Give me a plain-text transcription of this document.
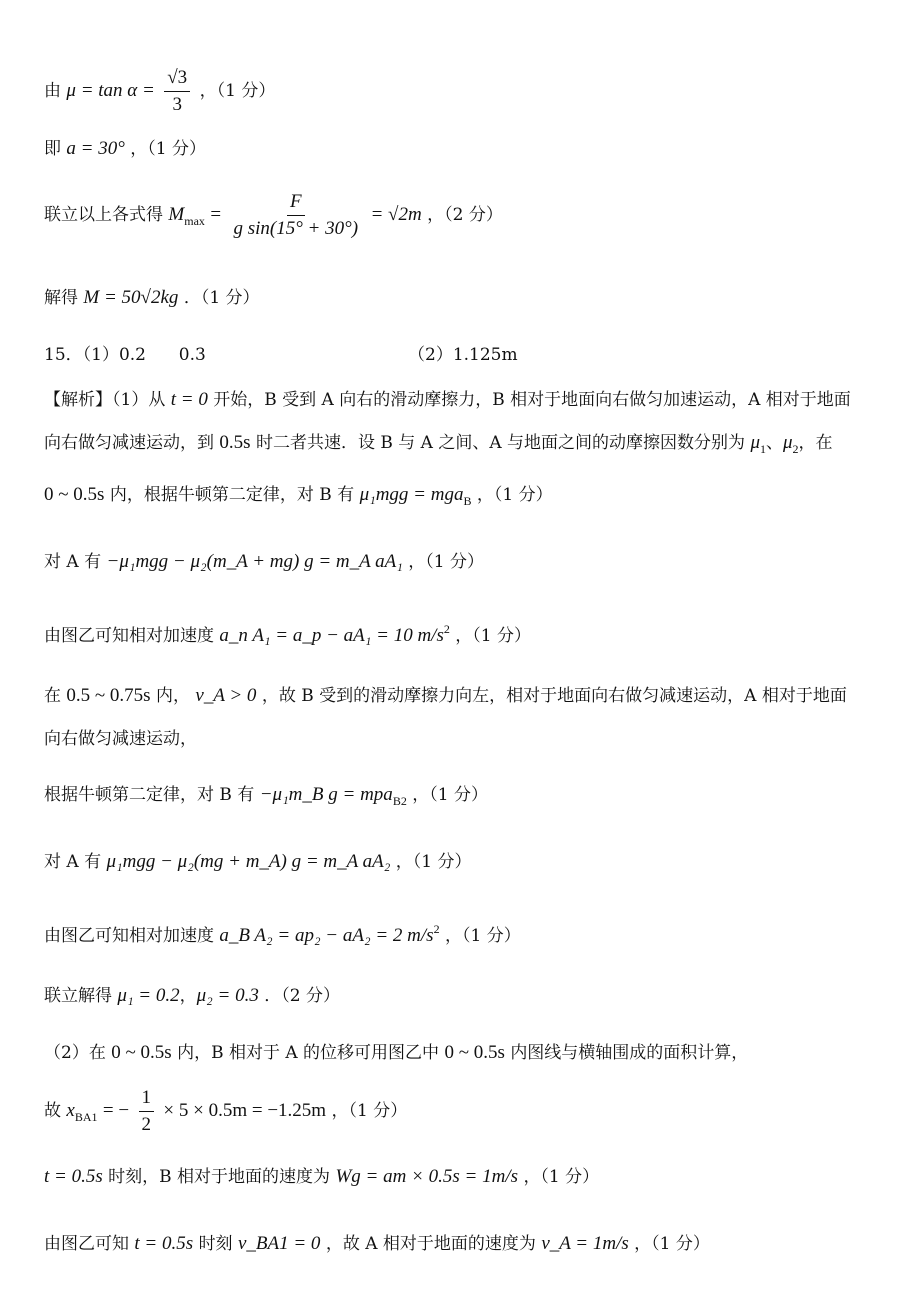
由 $\mu = \tan \alpha = \frac{√3}{3}$ ，（1 分）
即 a = 30° ，（1 分）
联立以上各式得 $M_{max} = \frac{F}{\text{g sin(15° + 30°)}} = √2m$ ，（2 分）
解得 M = 50√2kg ．（1 分）
15．（1）0.2 0.3	（2）1.125m
【解析】（1）从 t = 0 开始，B 受到 A 向右的滑动摩擦力，B 相对于地面向右做匀加速运动，A 相对于地面
向右做匀减速运动，到 0.5s 时二者共速．设 B 与 A 之间、A 与地面之间的动摩擦因数分别为 $\mu_1$、$\mu_2$，在
0 ~ 0.5s 内，根据牛顿第二定律，对 B 有 μ₁mgg = mga$_B$ ，（1 分）
对 A 有 −μ₁mgg − μ₂(m_A + mg) g = m_A aA₁ ，（1 分）
由图乙可知相对加速度 a_n A₁ = a_p − aA₁ = 10 $m/s^2$ ，（1 分）
在 0.5 ~ 0.75s 内， v_A > 0 ，故 B 受到的滑动摩擦力向左，相对于地面向右做匀减速运动，A 相对于地面
向右做匀减速运动，
根据牛顿第二定律，对 B 有 −μ₁m_B g = mpa$_{B2}$ ，（1 分）
对 A 有 μ₁mgg − μ₂(mg + m_A) g = m_A aA₂ ，（1 分）
由图乙可知相对加速度 a_B A₂ = ap₂ − aA₂ = 2 $m/s^2$ ，（1 分）
联立解得 μ₁ = 0.2，μ₂ = 0.3 ．（2 分）
（2）在 0 ~ 0.5s 内，B 相对于 A 的位移可用图乙中 0 ~ 0.5s 内图线与横轴围成的面积计算，
故 $x_{BA1}$ = − $\frac{1}{2} \times 5 \times 0.5m = -1.25m$ ，（1 分）
t = 0.5s 时刻，B 相对于地面的速度为 Wg = am × 0.5s = 1m/s ，（1 分）
由图乙可知 t = 0.5s 时刻 v_BA1 = 0 ，故 A 相对于地面的速度为 v_A = 1m/s ，（1 分）
